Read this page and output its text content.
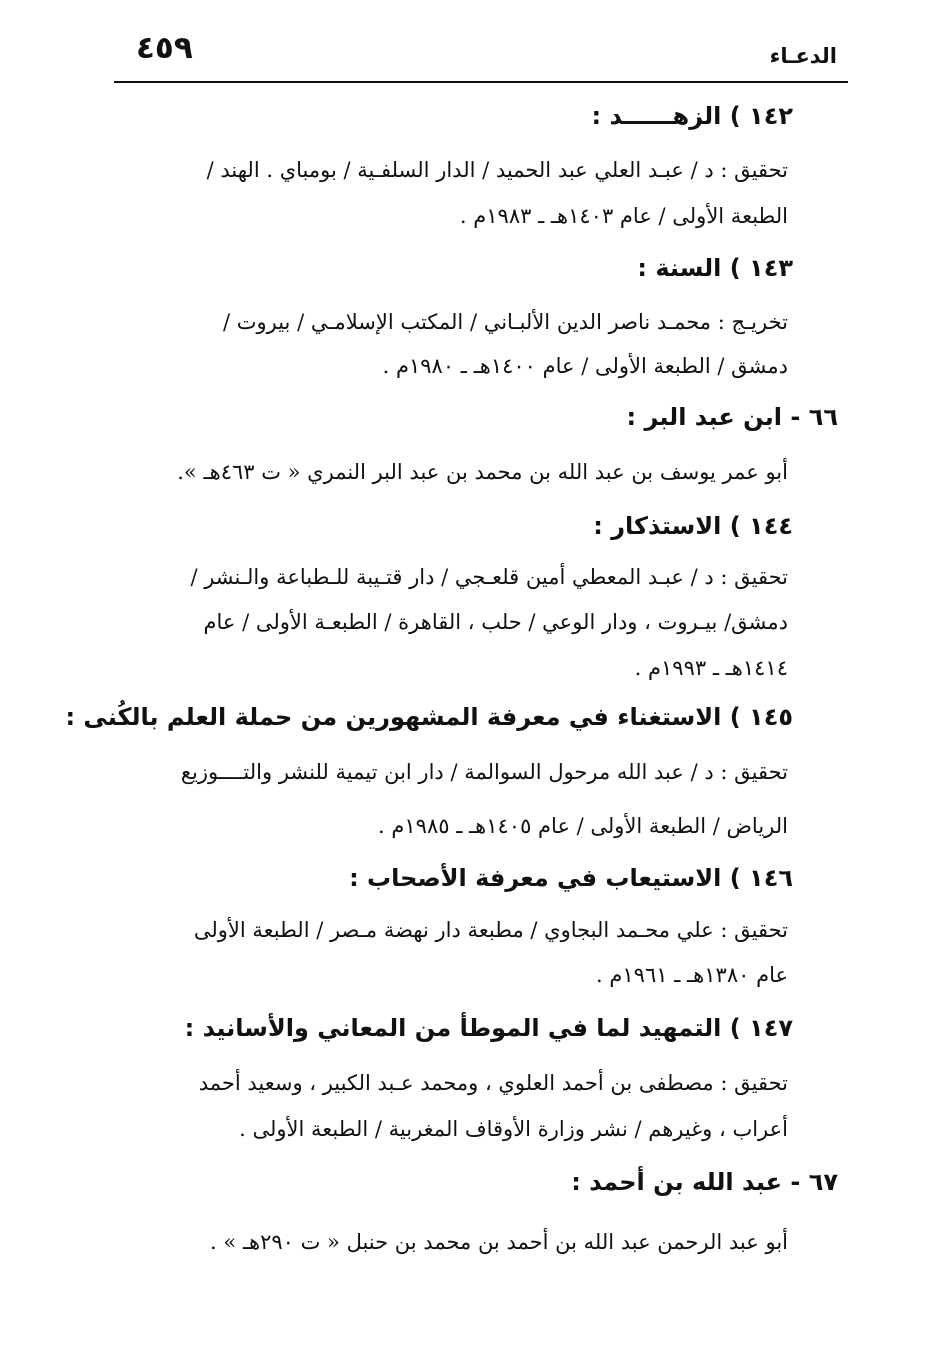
الدعـاء
٤٥٩
١٤٢ ) الزهــــــد :
تحقيق : د / عبـد العلي عبد الحميد / الدار السلفـية / بومباي . الهند /
الطبعة الأولى / عام ١٤٠٣هـ ـ ١٩٨٣م .
١٤٣ ) السنة :
تخريـج : محمـد ناصر الدين الألبـاني / المكتب الإسلامـي / بيروت /
دمشق / الطبعة الأولى / عام ١٤٠٠هـ ـ ١٩٨٠م .
٦٦ - ابن عبد البر :
أبو عمر يوسف بن عبد الله بن محمد بن عبد البر النمري « ت ٤٦٣هـ ».
١٤٤ ) الاستذكار :
تحقيق : د / عبـد المعطي أمين قلعـجي / دار قتـيبة للـطباعة والـنشر /
دمشق/ بيـروت ، ودار الوعي / حلب ، القاهرة / الطبعـة الأولى / عام
١٤١٤هـ ـ ١٩٩٣م .
١٤٥ ) الاستغناء في معرفة المشهورين من حملة العلم بالكُنى :
تحقيق : د / عبد الله مرحول السوالمة / دار ابن تيمية للنشر والتــــوزيع
الرياض / الطبعة الأولى / عام ١٤٠٥هـ ـ ١٩٨٥م .
١٤٦ ) الاستيعاب في معرفة الأصحاب :
تحقيق : علي محـمد البجاوي / مطبعة دار نهضة مـصر / الطبعة الأولى
عام ١٣٨٠هـ ـ ١٩٦١م .
١٤٧ ) التمهيد لما في الموطأ من المعاني والأسانيد :
تحقيق : مصطفى بن أحمد العلوي ، ومحمد عـبد الكبير ، وسعيد أحمد
أعراب ، وغيرهم / نشر وزارة الأوقاف المغربية / الطبعة الأولى .
٦٧ - عبد الله بن أحمد :
أبو عبد الرحمن عبد الله بن أحمد بن محمد بن حنبل « ت ٢٩٠هـ » .
